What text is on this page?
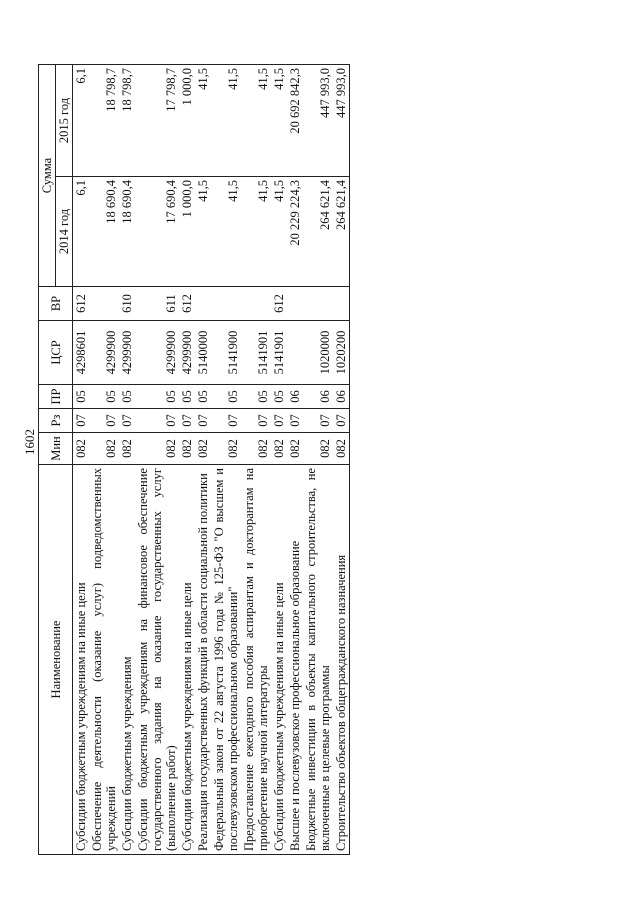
1602
Наименование	Мин	Рз	ПР	ЦСР	ВР	Сумма	
						2014 год	2015 год
Субсидии бюджетным учреждениям на иные цели	082	07	05	4298601	612	6,1	6,1
Обеспечение деятельности (оказание услуг) подведомственных учреждений	082	07	05	4299900		18 690,4	18 798,7
Субсидии бюджетным учреждениям	082	07	05	4299900	610	18 690,4	18 798,7
Субсидии бюджетным учреждениям на финансовое обеспечение государственного задания на оказание государственных услуг (выполнение работ)	082	07	05	4299900	611	17 690,4	17 798,7
Субсидии бюджетным учреждениям на иные цели	082	07	05	4299900	612	1 000,0	1 000,0
Реализация государственных функций в области социальной политики	082	07	05	5140000		41,5	41,5
Федеральный закон от 22 августа 1996 года № 125-ФЗ "О высшем и послевузовском профессиональном образовании"	082	07	05	5141900		41,5	41,5
Предоставление ежегодного пособия аспирантам и докторантам на приобретение научной литературы	082	07	05	5141901		41,5	41,5
Субсидии бюджетным учреждениям на иные цели	082	07	05	5141901	612	41,5	41,5
Высшее и послевузовское профессиональное образование	082	07	06			20 229 224,3	20 692 842,3
Бюджетные инвестиции в объекты капитального строительства, не включенные в целевые программы	082	07	06	1020000		264 621,4	447 993,0
Строительство объектов общегражданского назначения	082	07	06	1020200		264 621,4	447 993,0
